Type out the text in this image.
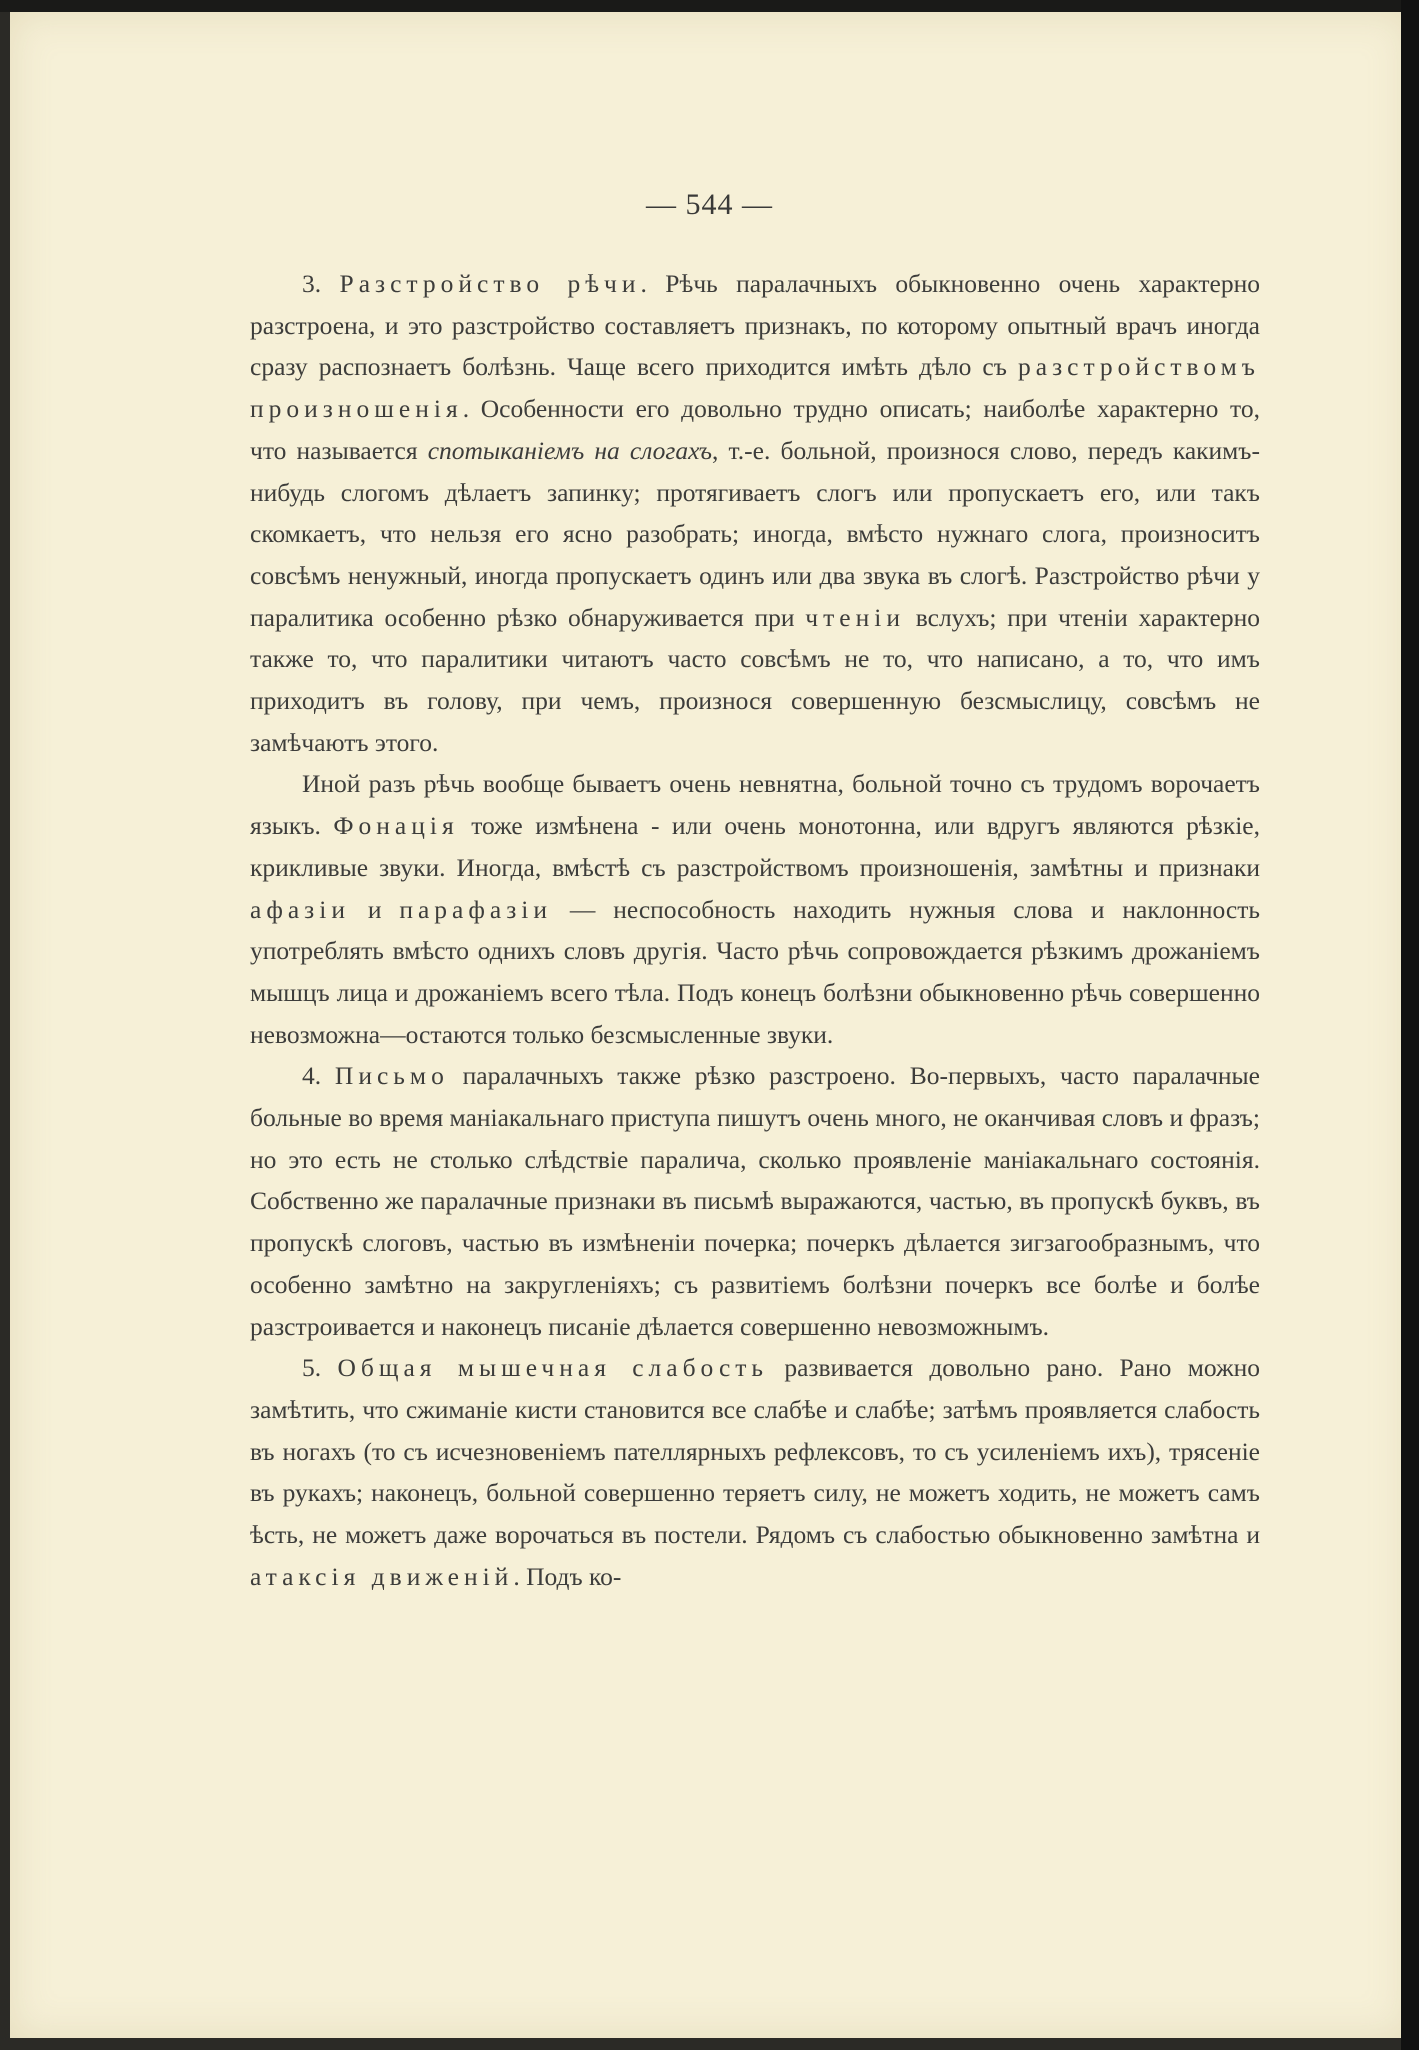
— 544 —

3. Разстройство рѣчи. Рѣчь паралачныхъ обыкновенно очень характерно разстроена, и это разстройство составляетъ признакъ, по которому опытный врачъ иногда сразу распознаетъ болѣзнь. Чаще всего приходится имѣть дѣло съ разстройствомъ произношенія. Особенности его довольно трудно описать; наиболѣе характерно то, что называется спотыканіемъ на слогахъ, т.-е. больной, произнося слово, передъ какимъ-нибудь слогомъ дѣлаетъ запинку; протягиваетъ слогъ или пропускаетъ его, или такъ скомкаетъ, что нельзя его ясно разобрать; иногда, вмѣсто нужнаго слога, произноситъ совсѣмъ ненужный, иногда пропускаетъ одинъ или два звука въ слогѣ. Разстройство рѣчи у паралитика особенно рѣзко обнаруживается при чтеніи вслухъ; при чтеніи характерно также то, что паралитики читаютъ часто совсѣмъ не то, что написано, а то, что имъ приходитъ въ голову, при чемъ, произнося совершенную безсмыслицу, совсѣмъ не замѣчаютъ этого.

Иной разъ рѣчь вообще бываетъ очень невнятна, больной точно съ трудомъ ворочаетъ языкъ. Фонація тоже измѣнена - или очень монотонна, или вдругъ являются рѣзкіе, крикливые звуки. Иногда, вмѣстѣ съ разстройствомъ произношенія, замѣтны и признаки афазіи и парафазіи — неспособность находить нужныя слова и наклонность употреблять вмѣсто однихъ словъ другія. Часто рѣчь сопровождается рѣзкимъ дрожаніемъ мышцъ лица и дрожаніемъ всего тѣла. Подъ конецъ болѣзни обыкновенно рѣчь совершенно невозможна—остаются только безсмысленные звуки.

4. Письмо паралачныхъ также рѣзко разстроено. Во-первыхъ, часто паралачные больные во время маніакальнаго приступа пишутъ очень много, не оканчивая словъ и фразъ; но это есть не столько слѣдствіе паралича, сколько проявленіе маніакальнаго состоянія. Собственно же паралачные признаки въ письмѣ выражаются, частью, въ пропускѣ буквъ, въ пропускѣ слоговъ, частью въ измѣненіи почерка; почеркъ дѣлается зигзагообразнымъ, что особенно замѣтно на закругленіяхъ; съ развитіемъ болѣзни почеркъ все болѣе и болѣе разстроивается и наконецъ писаніе дѣлается совершенно невозможнымъ.

5. Общая мышечная слабость развивается довольно рано. Рано можно замѣтить, что сжиманіе кисти становится все слабѣе и слабѣе; затѣмъ проявляется слабость въ ногахъ (то съ исчезновеніемъ пателлярныхъ рефлексовъ, то съ усиленіемъ ихъ), трясеніе въ рукахъ; наконецъ, больной совершенно теряетъ силу, не можетъ ходить, не можетъ самъ ѣсть, не можетъ даже ворочаться въ постели. Рядомъ съ слабостью обыкновенно замѣтна и атаксія движеній. Подъ ко-
